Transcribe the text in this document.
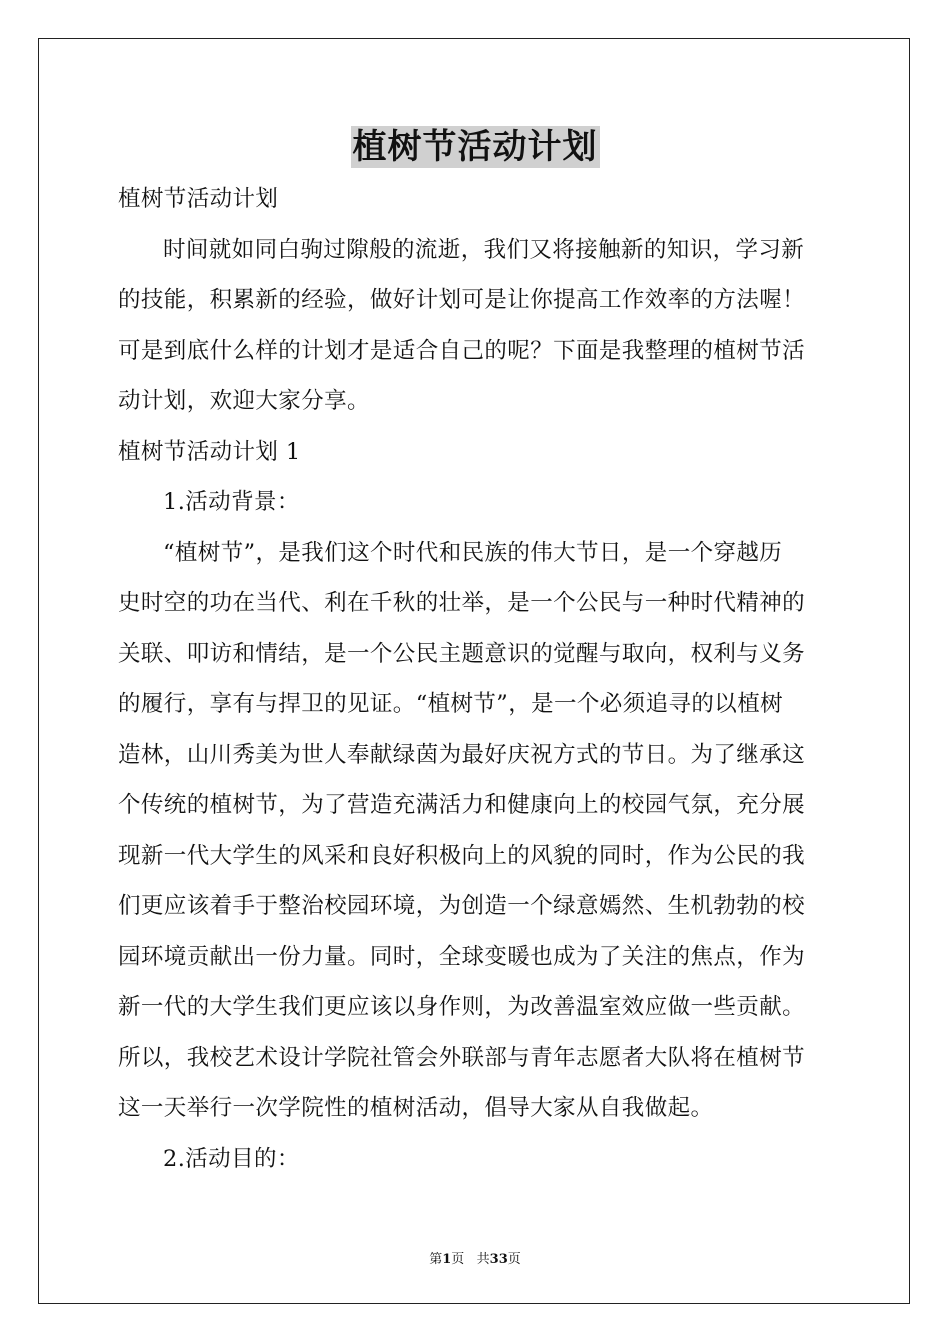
植树节活动计划
植树节活动计划
时间就如同白驹过隙般的流逝，我们又将接触新的知识，学习新
的技能，积累新的经验，做好计划可是让你提高工作效率的方法喔！
可是到底什么样的计划才是适合自己的呢？下面是我整理的植树节活
动计划，欢迎大家分享。
植树节活动计划 1
1.活动背景：
“植树节”，是我们这个时代和民族的伟大节日，是一个穿越历
史时空的功在当代、利在千秋的壮举，是一个公民与一种时代精神的
关联、叩访和情结，是一个公民主题意识的觉醒与取向，权利与义务
的履行，享有与捍卫的见证。“植树节”，是一个必须追寻的以植树
造林，山川秀美为世人奉献绿茵为最好庆祝方式的节日。为了继承这
个传统的植树节，为了营造充满活力和健康向上的校园气氛，充分展
现新一代大学生的风采和良好积极向上的风貌的同时，作为公民的我
们更应该着手于整治校园环境，为创造一个绿意嫣然、生机勃勃的校
园环境贡献出一份力量。同时，全球变暖也成为了关注的焦点，作为
新一代的大学生我们更应该以身作则，为改善温室效应做一些贡献。
所以，我校艺术设计学院社管会外联部与青年志愿者大队将在植树节
这一天举行一次学院性的植树活动，倡导大家从自我做起。
2.活动目的：
第1页   共33页
